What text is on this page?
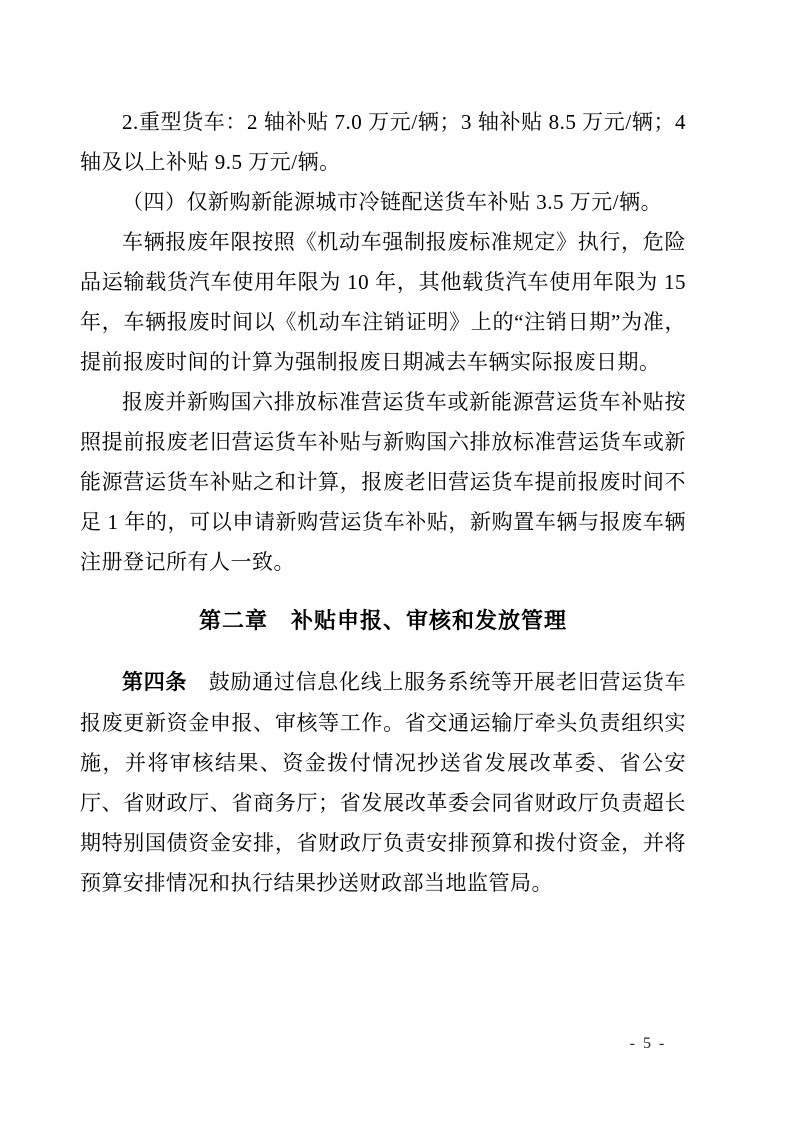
2.重型货车：2 轴补贴 7.0 万元/辆；3 轴补贴 8.5 万元/辆；4 轴及以上补贴 9.5 万元/辆。

（四）仅新购新能源城市冷链配送货车补贴 3.5 万元/辆。

车辆报废年限按照《机动车强制报废标准规定》执行，危险品运输载货汽车使用年限为 10 年，其他载货汽车使用年限为 15 年，车辆报废时间以《机动车注销证明》上的“注销日期”为准，提前报废时间的计算为强制报废日期减去车辆实际报废日期。

报废并新购国六排放标准营运货车或新能源营运货车补贴按照提前报废老旧营运货车补贴与新购国六排放标准营运货车或新能源营运货车补贴之和计算，报废老旧营运货车提前报废时间不足 1 年的，可以申请新购营运货车补贴，新购置车辆与报废车辆注册登记所有人一致。

第二章　补贴申报、审核和发放管理

第四条　鼓励通过信息化线上服务系统等开展老旧营运货车报废更新资金申报、审核等工作。省交通运输厅牵头负责组织实施，并将审核结果、资金拨付情况抄送省发展改革委、省公安厅、省财政厅、省商务厅；省发展改革委会同省财政厅负责超长期特别国债资金安排，省财政厅负责安排预算和拨付资金，并将预算安排情况和执行结果抄送财政部当地监管局。

- 5 -
